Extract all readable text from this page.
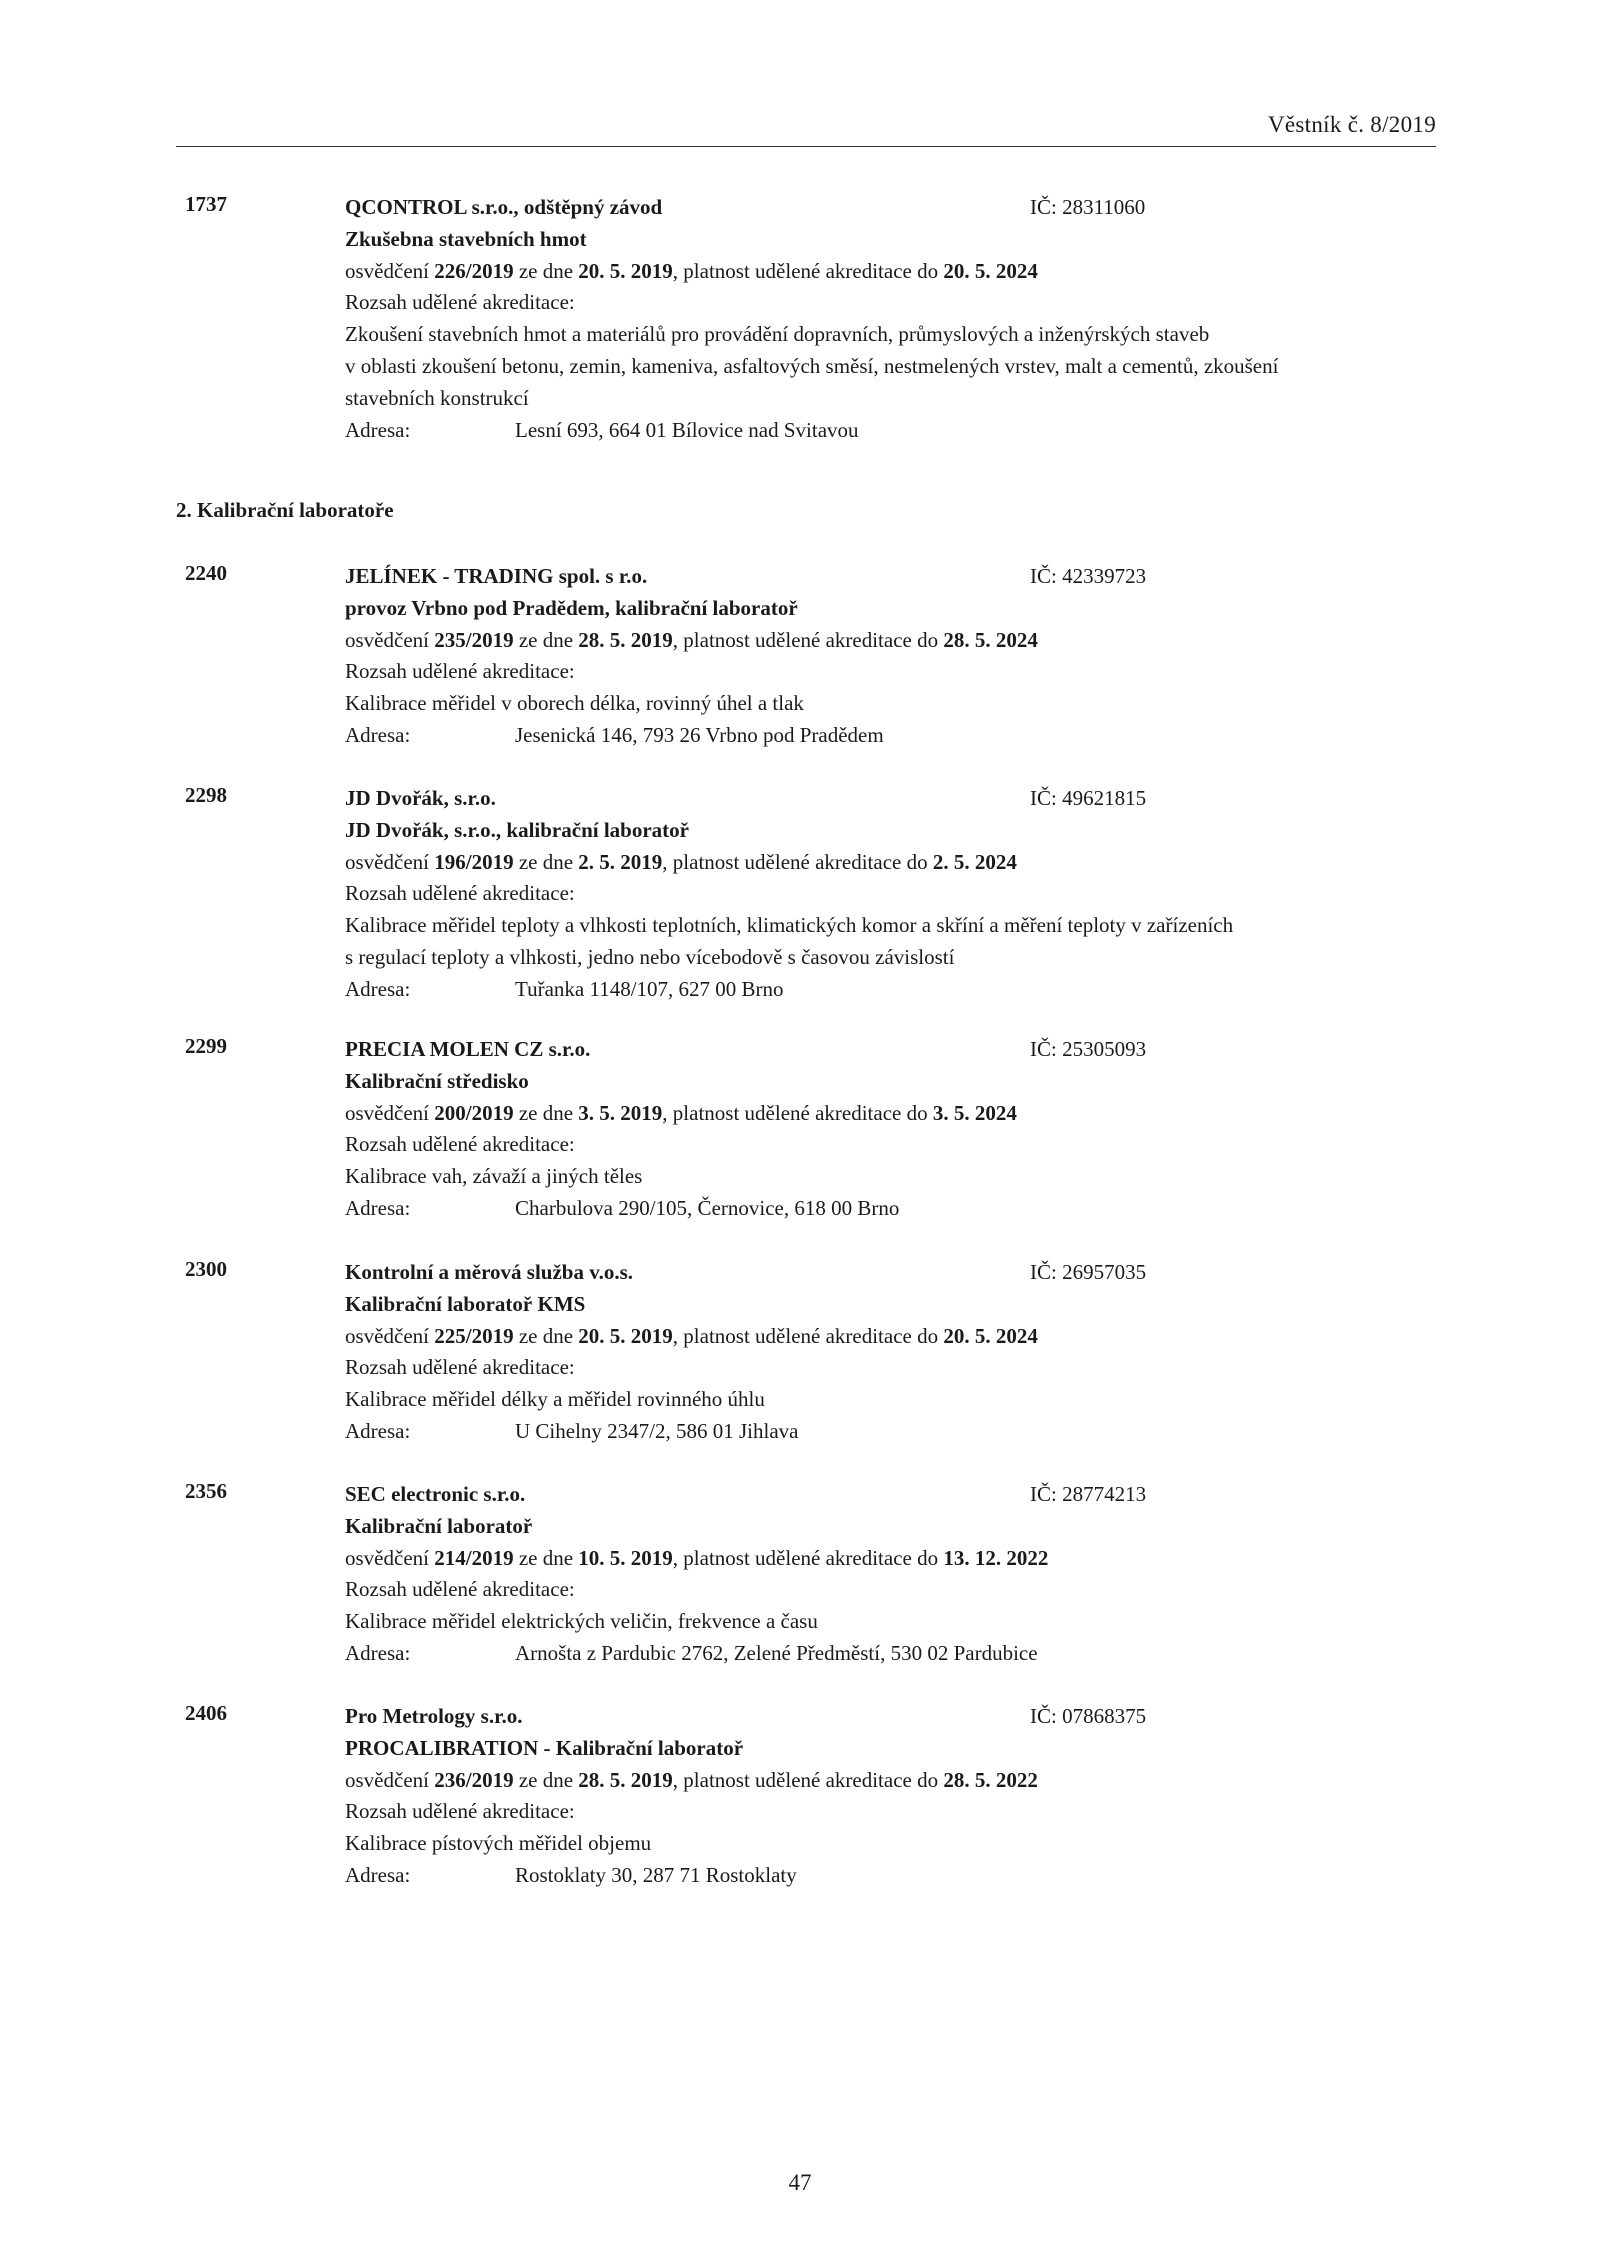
Věstník č. 8/2019
1737	QCONTROL s.r.o., odštěpný závod	IČ: 28311060
Zkušebna stavebních hmot
osvědčení 226/2019 ze dne 20. 5. 2019, platnost udělené akreditace do 20. 5. 2024
Rozsah udělené akreditace:
Zkoušení stavebních hmot a materiálů pro provádění dopravních, průmyslových a inženýrských staveb
v oblasti zkoušení betonu, zemin, kameniva, asfaltových směsí, nestmelených vrstev, malt a cementů, zkoušení
stavebních konstrukcí
Adresa:	Lesní 693, 664 01 Bílovice nad Svitavou
2. Kalibrační laboratoře
2240	JELÍNEK - TRADING spol. s r.o.	IČ: 42339723
provoz Vrbno pod Pradědem, kalibrační laboratoř
osvědčení 235/2019 ze dne 28. 5. 2019, platnost udělené akreditace do 28. 5. 2024
Rozsah udělené akreditace:
Kalibrace měřidel v oborech délka, rovinný úhel a tlak
Adresa:	Jesenická 146, 793 26 Vrbno pod Pradědem
2298	JD Dvořák, s.r.o.	IČ: 49621815
JD Dvořák, s.r.o., kalibrační laboratoř
osvědčení 196/2019 ze dne 2. 5. 2019, platnost udělené akreditace do 2. 5. 2024
Rozsah udělené akreditace:
Kalibrace měřidel teploty a vlhkosti teplotních, klimatických komor a skříní a měření teploty v zařízeních
s regulací teploty a vlhkosti, jedno nebo vícebodově s časovou závislostí
Adresa:	Tuřanka 1148/107, 627 00 Brno
2299	PRECIA MOLEN CZ s.r.o.	IČ: 25305093
Kalibrační středisko
osvědčení 200/2019 ze dne 3. 5. 2019, platnost udělené akreditace do 3. 5. 2024
Rozsah udělené akreditace:
Kalibrace vah, závaží a jiných těles
Adresa:	Charbulova 290/105, Černovice, 618 00 Brno
2300	Kontrolní a měrová služba v.o.s.	IČ: 26957035
Kalibrační laboratoř KMS
osvědčení 225/2019 ze dne 20. 5. 2019, platnost udělené akreditace do 20. 5. 2024
Rozsah udělené akreditace:
Kalibrace měřidel délky a měřidel rovinného úhlu
Adresa:	U Cihelny 2347/2, 586 01 Jihlava
2356	SEC electronic s.r.o.	IČ: 28774213
Kalibrační laboratoř
osvědčení 214/2019 ze dne 10. 5. 2019, platnost udělené akreditace do 13. 12. 2022
Rozsah udělené akreditace:
Kalibrace měřidel elektrických veličin, frekvence a času
Adresa:	Arnošta z Pardubic 2762, Zelené Předměstí, 530 02 Pardubice
2406	Pro Metrology s.r.o.	IČ: 07868375
PROCALIBRATION - Kalibrační laboratoř
osvědčení 236/2019 ze dne 28. 5. 2019, platnost udělené akreditace do 28. 5. 2022
Rozsah udělené akreditace:
Kalibrace pístových měřidel objemu
Adresa:	Rostoklaty 30, 287 71 Rostoklaty
47
